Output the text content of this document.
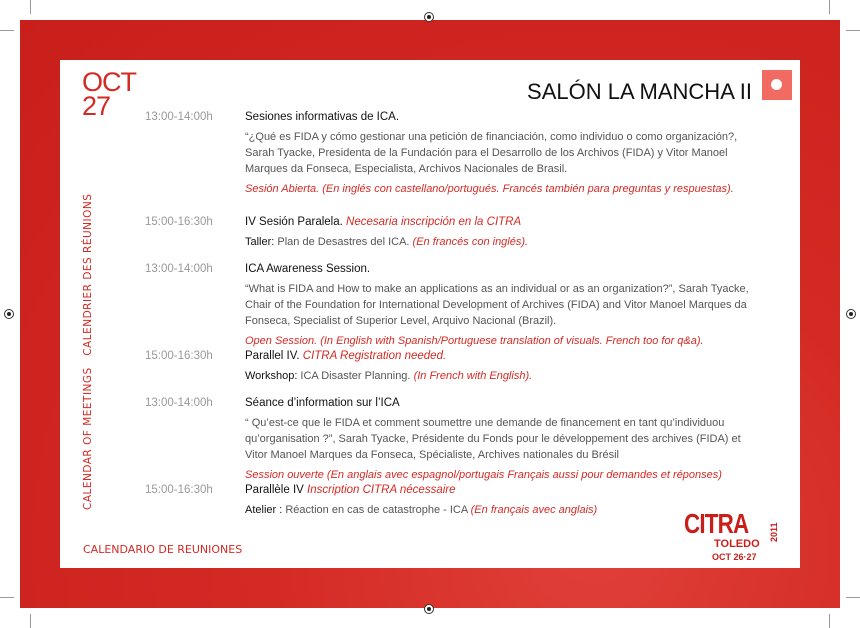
OCT
27	SALÓN LA MANCHA II
13:00-14:00h	Sesiones informativas de ICA.
“¿Qué es FIDA y cómo gestionar una petición de financiación, como individuo o como organización?, Sarah Tyacke, Presidenta de la Fundación para el Desarrollo de los Archivos (FIDA) y Vitor Manoel Marques da Fonseca, Especialista, Archivos Nacionales de Brasil.
Sesión Abierta. (En inglés con castellano/portugués. Francés también para preguntas y respuestas).
15:00-16:30h	IV Sesión Paralela. Necesaria inscripción en la CITRA
Taller: Plan de Desastres del ICA. (En francés con inglés).
13:00-14:00h	ICA Awareness Session.
“What is FIDA and How to make an applications as an individual or as an organization?”, Sarah Tyacke, Chair of the Foundation for International Development of Archives (FIDA) and Vitor Manoel Marques da Fonseca, Specialist of Superior Level, Arquivo Nacional (Brazil).
Open Session. (In English with Spanish/Portuguese translation of visuals. French too for q&a).
15:00-16:30h	Parallel IV. CITRA Registration needed.
Workshop: ICA Disaster Planning. (In French with English).
13:00-14:00h	Séance d’information sur l’ICA
“ Qu’est-ce que le FIDA et comment soumettre une demande de financement en tant qu’individuou qu’organisation ?”, Sarah Tyacke, Présidente du Fonds pour le développement des archives (FIDA) et Vitor Manoel Marques da Fonseca, Spécialiste, Archives nationales du Brésil
Session ouverte (En anglais avec espagnol/portugais Français aussi pour demandes et réponses)
15:00-16:30h	Parallèle IV Inscription CITRA nécessaire
Atelier : Réaction en cas de catastrophe - ICA (En français avec anglais)
CALENDAR OF MEETINGS   CALENDRIER DES RÉUNIONS
CALENDARIO DE REUNIONES
CITRA 2011
TOLEDO
OCT 26·27
